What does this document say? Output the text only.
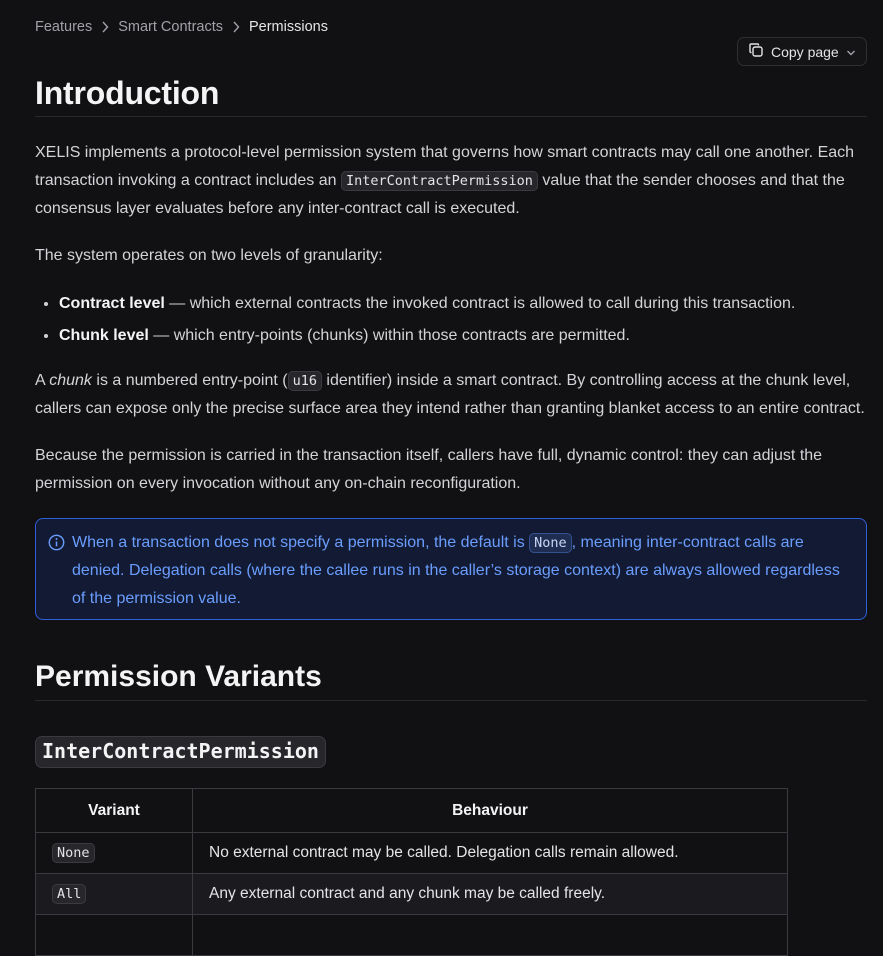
Features Smart Contracts Permissions
Copy page
Introduction

XELIS implements a protocol-level permission system that governs how smart contracts may call one another. Each transaction invoking a contract includes an InterContractPermission value that the sender chooses and that the consensus layer evaluates before any inter-contract call is executed.

The system operates on two levels of granularity:

• Contract level — which external contracts the invoked contract is allowed to call during this transaction.
• Chunk level — which entry-points (chunks) within those contracts are permitted.

A chunk is a numbered entry-point ( u16 identifier) inside a smart contract. By controlling access at the chunk level, callers can expose only the precise surface area they intend rather than granting blanket access to an entire contract.

Because the permission is carried in the transaction itself, callers have full, dynamic control: they can adjust the permission on every invocation without any on-chain reconfiguration.

When a transaction does not specify a permission, the default is None , meaning inter-contract calls are denied. Delegation calls (where the callee runs in the caller’s storage context) are always allowed regardless of the permission value.
Permission Variants
InterContractPermission
Variant	Behaviour
None	No external contract may be called. Delegation calls remain allowed.
All	Any external contract and any chunk may be called freely.
